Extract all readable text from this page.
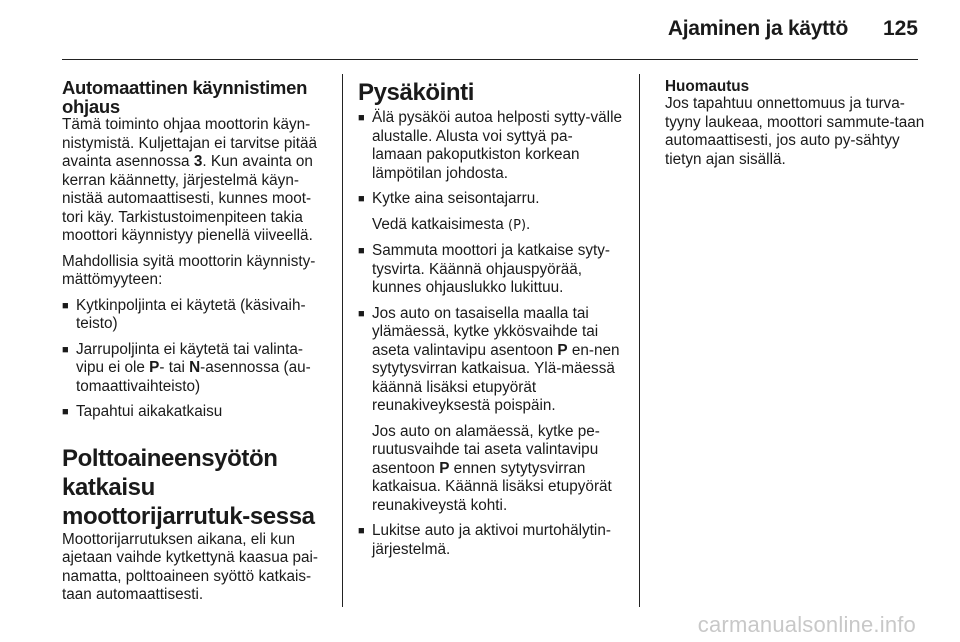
Ajaminen ja käyttö 125
Automaattinen käynnistimen ohjaus

Tämä toiminto ohjaa moottorin käyn-nistymistä. Kuljettajan ei tarvitse pitää avainta asennossa 3. Kun avainta on kerran käännetty, järjestelmä käyn-nistää automaattisesti, kunnes moot-tori käy. Tarkistustoimenpiteen takia moottori käynnistyy pienellä viiveellä.

Mahdollisia syitä moottorin käynnisty-mättömyyteen:

■ Kytkinpoljinta ei käytetä (käsivaih-teisto)
■ Jarrupoljinta ei käytetä tai valinta-vipu ei ole P- tai N-asennossa (au-tomaattivaihteisto)
■ Tapahtui aikakatkaisu
Polttoaineensyötön katkaisu moottorijarrutuk-sessa

Moottorijarrutuksen aikana, eli kun ajetaan vaihde kytkettynä kaasua pai-namatta, polttoaineen syöttö katkais-taan automaattisesti.

Pysäköinti
■ Älä pysäköi autoa helposti sytty-välle alustalle. Alusta voi syttyä pa-lamaan pakoputkiston korkean lämpötilan johdosta.
■ Kytke aina seisontajarru.

Vedä katkaisimesta (P).

■ Sammuta moottori ja katkaise syty-tysvirta. Käännä ohjauspyörää, kunnes ohjauslukko lukittuu.
■ Jos auto on tasaisella maalla tai ylämäessä, kytke ykkösvaihde tai aseta valintavipu asentoon P en-nen sytytysvirran katkaisua. Ylä-mäessä käännä lisäksi etupyörät reunakiveyksestä poispäin.

Jos auto on alamäessä, kytke pe-ruutusvaihde tai aseta valintavipu asentoon P ennen sytytysvirran katkaisua. Käännä lisäksi etupyörät reunakiveystä kohti.

■ Lukitse auto ja aktivoi murtohälytin-järjestelmä.
Huomautus

Jos tapahtuu onnettomuus ja turva-tyyny laukeaa, moottori sammute-taan automaattisesti, jos auto py-sähtyy tietyn ajan sisällä.

carmanualsonline.info
